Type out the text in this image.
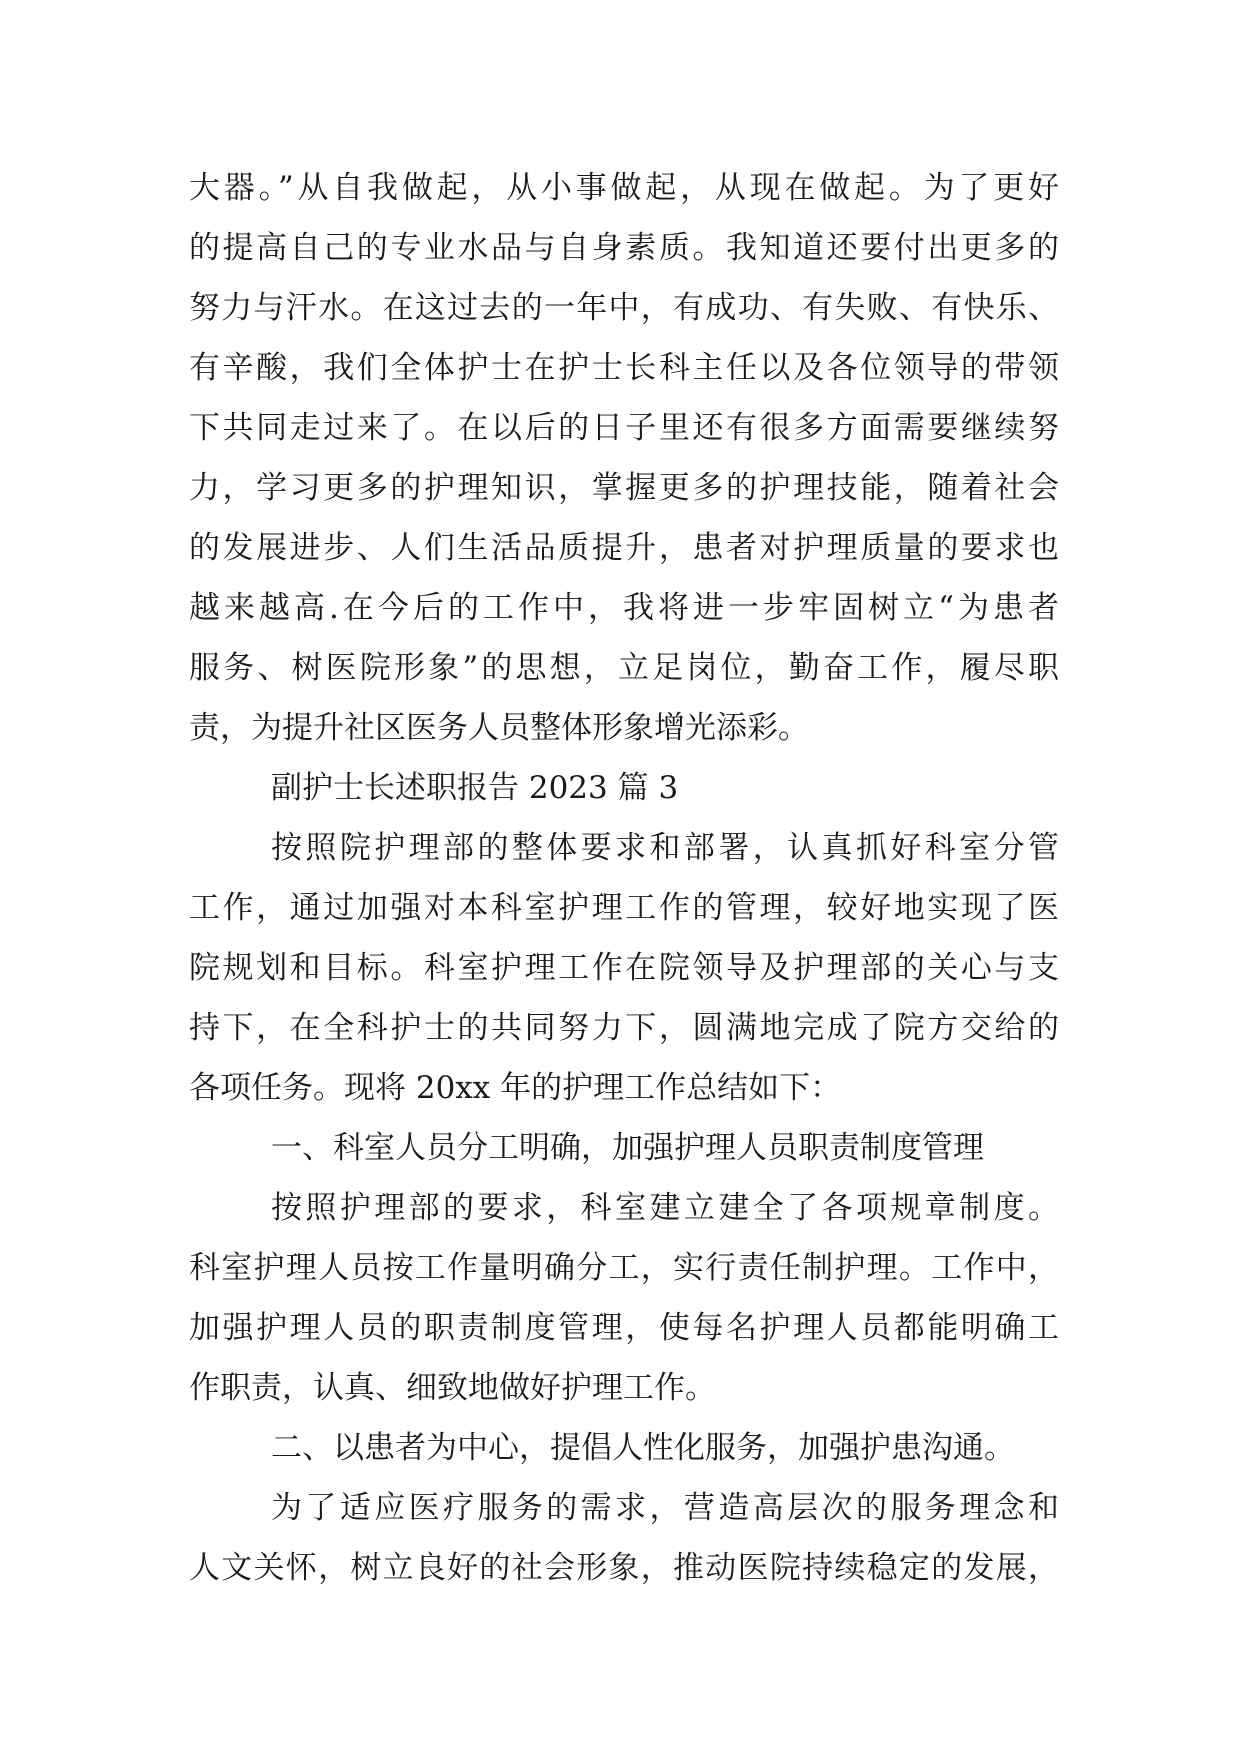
大器。”从自我做起，从小事做起，从现在做起。为了更好
的提高自己的专业水品与自身素质。我知道还要付出更多的
努力与汗水。在这过去的一年中，有成功、有失败、有快乐、
有辛酸，我们全体护士在护士长科主任以及各位领导的带领
下共同走过来了。在以后的日子里还有很多方面需要继续努
力，学习更多的护理知识，掌握更多的护理技能，随着社会
的发展进步、人们生活品质提升，患者对护理质量的要求也
越来越高.在今后的工作中，我将进一步牢固树立“为患者
服务、树医院形象”的思想，立足岗位，勤奋工作，履尽职
责，为提升社区医务人员整体形象增光添彩。
副护士长述职报告 2023 篇 3
按照院护理部的整体要求和部署，认真抓好科室分管
工作，通过加强对本科室护理工作的管理，较好地实现了医
院规划和目标。科室护理工作在院领导及护理部的关心与支
持下，在全科护士的共同努力下，圆满地完成了院方交给的
各项任务。现将 20xx 年的护理工作总结如下：
一、科室人员分工明确，加强护理人员职责制度管理
按照护理部的要求，科室建立建全了各项规章制度。
科室护理人员按工作量明确分工，实行责任制护理。工作中，
加强护理人员的职责制度管理，使每名护理人员都能明确工
作职责，认真、细致地做好护理工作。
二、以患者为中心，提倡人性化服务，加强护患沟通。
为了适应医疗服务的需求，营造高层次的服务理念和
人文关怀，树立良好的社会形象，推动医院持续稳定的发展，
